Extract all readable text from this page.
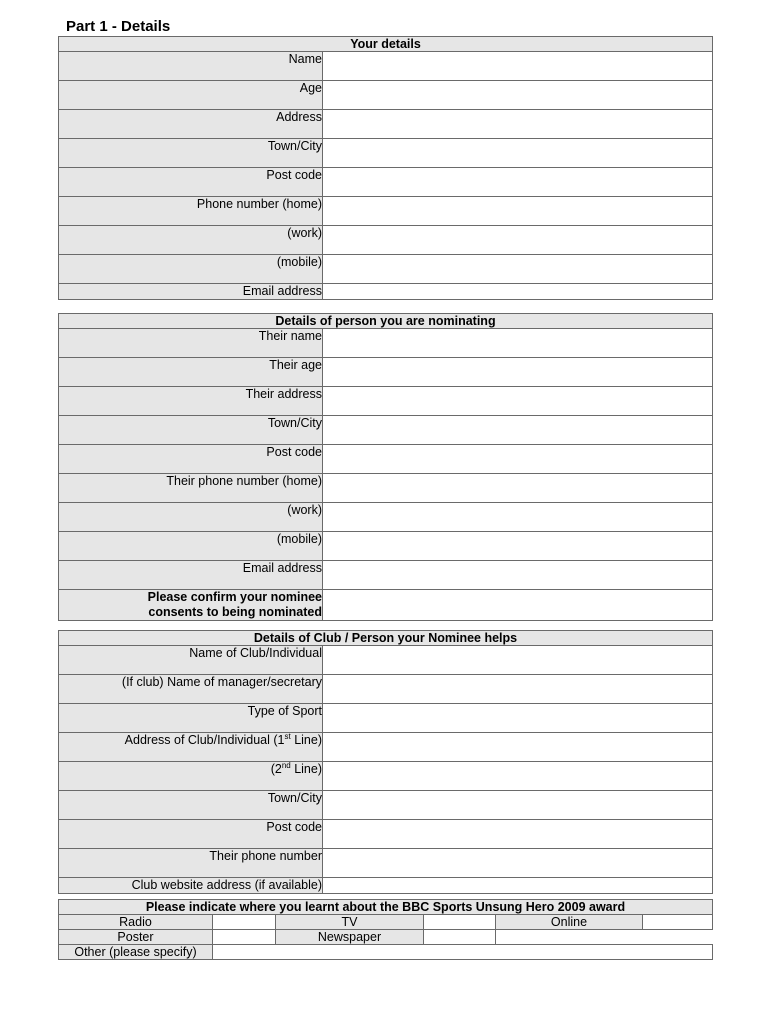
Part 1 - Details
Your details	
Name	
Age	
Address	
Town/City	
Post code	
Phone number (home)	
(work)	
(mobile)	
Email address	
Details of person you are nominating	
Their name	
Their age	
Their address	
Town/City	
Post code	
Their phone number (home)	
(work)	
(mobile)	
Email address	
Please confirm your nominee
consents to being nominated	
Details of Club / Person your Nominee helps	
Name of Club/Individual	
(If club) Name of manager/secretary	
Type of Sport	
Address of Club/Individual (1st Line)	
(2nd Line)	
Town/City	
Post code	
Their phone number	
Club website address (if available)	
Please indicate where you learnt about the BBC Sports Unsung Hero 2009 award					
Radio		TV		Online	
Poster		Newspaper			
Other (please specify)	
